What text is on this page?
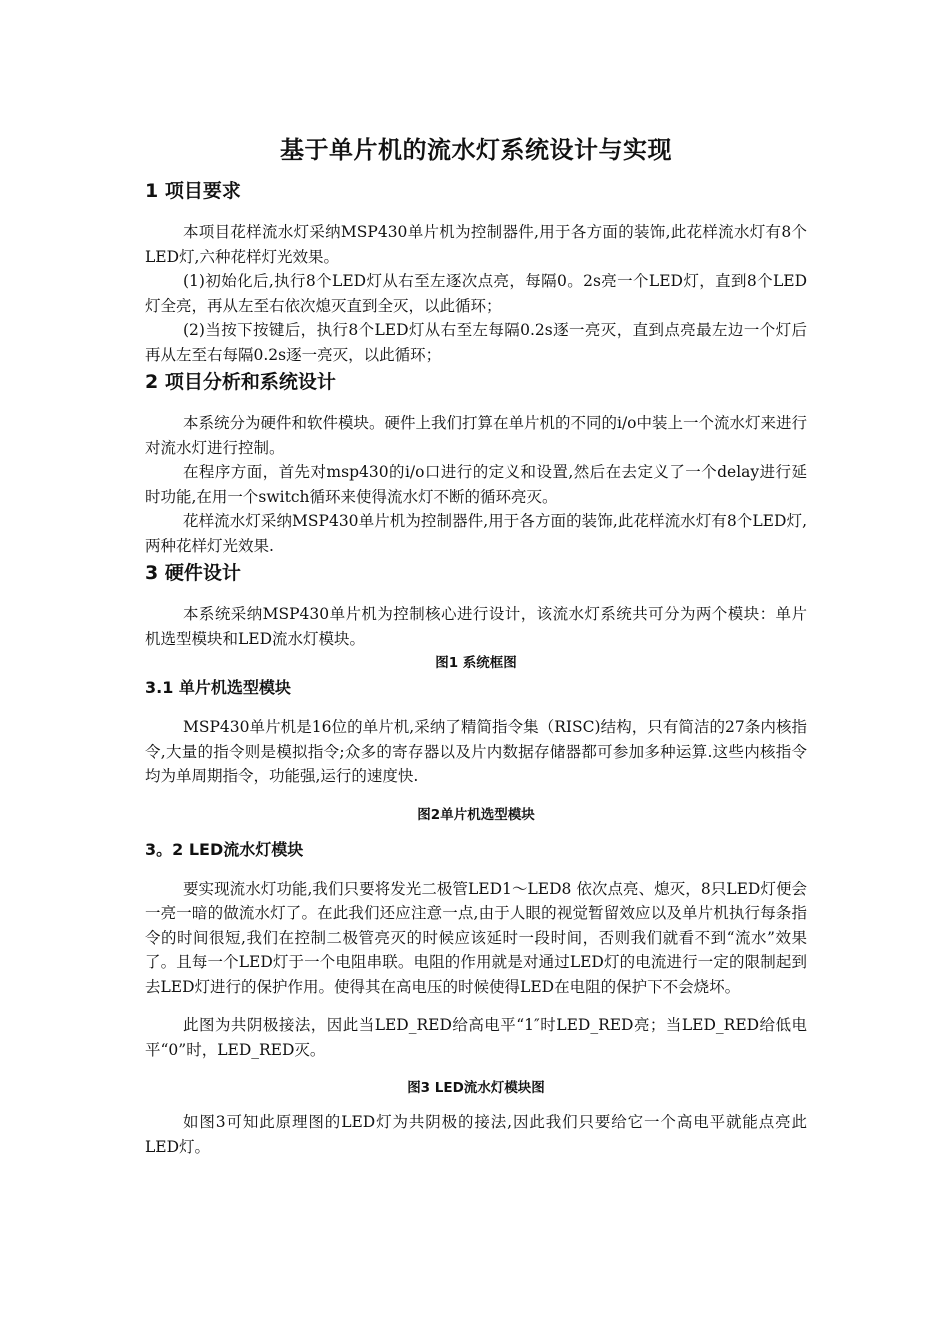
基于单片机的流水灯系统设计与实现
1 项目要求

本项目花样流水灯采纳MSP430单片机为控制器件,用于各方面的装饰,此花样流水灯有8个LED灯,六种花样灯光效果。

(1)初始化后,执行8个LED灯从右至左逐次点亮，每隔0。2s亮一个LED灯，直到8个LED灯全亮，再从左至右依次熄灭直到全灭，以此循环；

(2)当按下按键后，执行8个LED灯从右至左每隔0.2s逐一亮灭，直到点亮最左边一个灯后再从左至右每隔0.2s逐一亮灭，以此循环；

2 项目分析和系统设计

本系统分为硬件和软件模块。硬件上我们打算在单片机的不同的i/o中装上一个流水灯来进行对流水灯进行控制。

在程序方面，首先对msp430的i/o口进行的定义和设置,然后在去定义了一个delay进行延时功能,在用一个switch循环来使得流水灯不断的循环亮灭。

花样流水灯采纳MSP430单片机为控制器件,用于各方面的装饰,此花样流水灯有8个LED灯,两种花样灯光效果.

3 硬件设计

本系统采纳MSP430单片机为控制核心进行设计，该流水灯系统共可分为两个模块：单片机选型模块和LED流水灯模块。

图1 系统框图
3.1 单片机选型模块

MSP430单片机是16位的单片机,采纳了精简指令集（RISC)结构，只有简洁的27条内核指令,大量的指令则是模拟指令;众多的寄存器以及片内数据存储器都可参加多种运算.这些内核指令均为单周期指令，功能强,运行的速度快.

图2单片机选型模块
3。2 LED流水灯模块

要实现流水灯功能,我们只要将发光二极管LED1～LED8 依次点亮、熄灭，8只LED灯便会一亮一暗的做流水灯了。在此我们还应注意一点,由于人眼的视觉暂留效应以及单片机执行每条指令的时间很短,我们在控制二极管亮灭的时候应该延时一段时间，否则我们就看不到“流水”效果了。且每一个LED灯于一个电阻串联。电阻的作用就是对通过LED灯的电流进行一定的限制起到去LED灯进行的保护作用。使得其在高电压的时候使得LED在电阻的保护下不会烧坏。

此图为共阴极接法，因此当LED_RED给高电平“1″时LED_RED亮；当LED_RED给低电平“0”时，LED_RED灭。

图3 LED流水灯模块图

如图3可知此原理图的LED灯为共阴极的接法,因此我们只要给它一个高电平就能点亮此LED灯。
